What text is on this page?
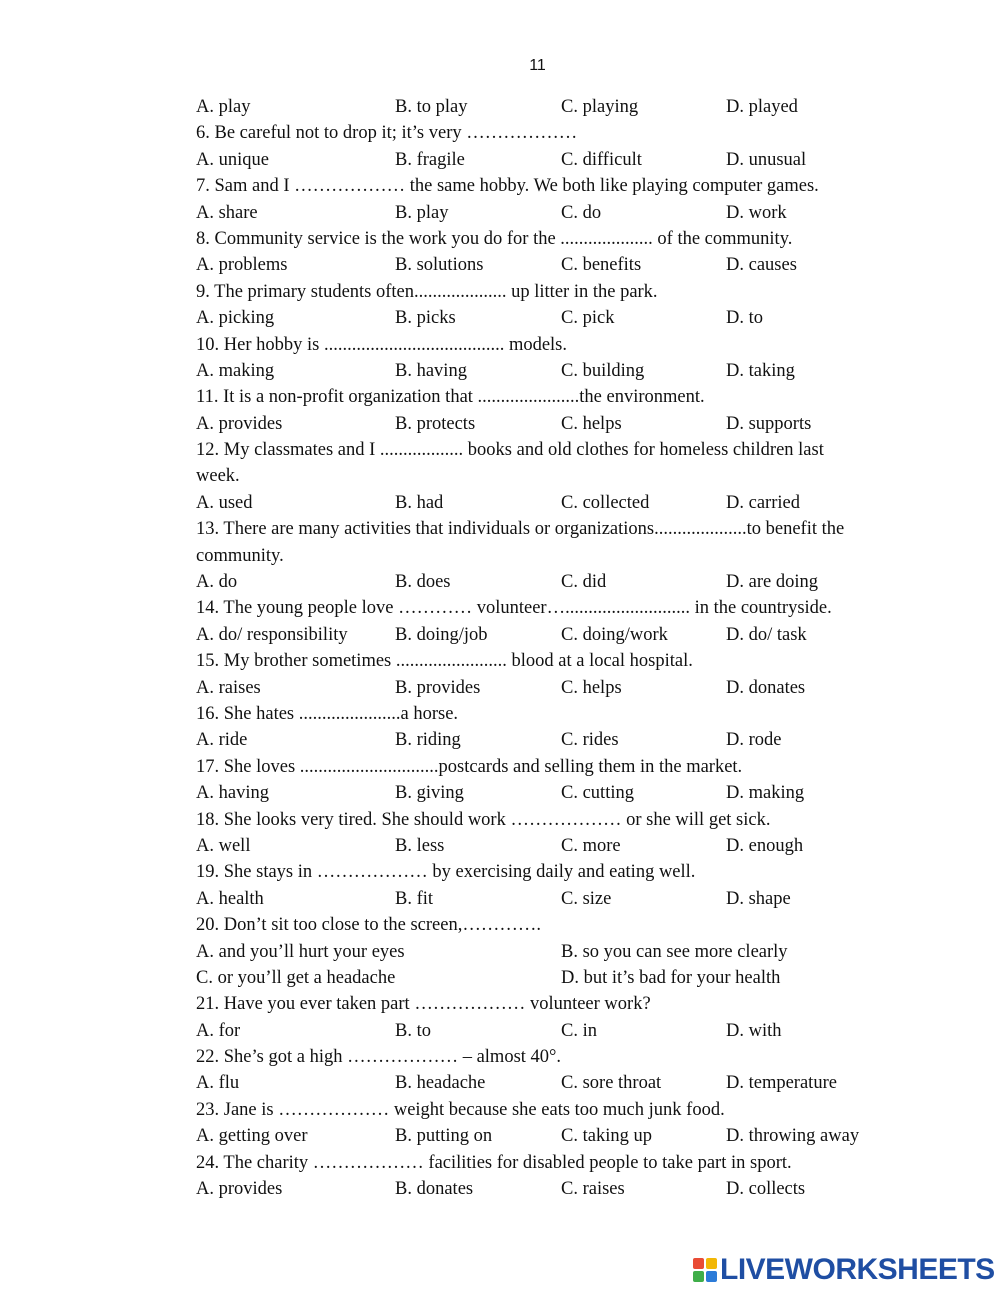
11
A. play	B. to play	C. playing	D. played
6. Be careful not to drop it; it’s very ………………
A. unique	B. fragile	C. difficult	D. unusual
7. Sam and I ……………… the same hobby. We both like playing computer games.
A. share	B. play	C. do	D. work
8. Community service is the work you do for the .................... of the community.
A. problems	B. solutions	C. benefits	D. causes
9. The primary students often.................... up litter in the park.
A. picking	B. picks	C. pick	D. to
10. Her hobby is ....................................... models.
A. making	B. having	C. building	D. taking
11. It is a non-profit organization that ......................the environment.
A. provides	B. protects	C. helps	D. supports
12. My classmates and I .................. books and old clothes for homeless children last
week.
A. used	B. had	C. collected	D. carried
13. There are many activities that individuals or organizations....................to benefit the
community.
A. do	B. does	C. did	D. are doing
14. The young people love ………… volunteer…........................... in the countryside.
A. do/ responsibility	B. doing/job	C. doing/work	D. do/ task
15. My brother sometimes ........................ blood at a local hospital.
A. raises	B. provides	C. helps	D. donates
16. She hates ......................a horse.
A. ride	B. riding	C. rides	D. rode
17. She loves ..............................postcards and selling them in the market.
A. having	B. giving	C. cutting	D. making
18. She looks very tired. She should work ……………… or she will get sick.
A. well	B. less	C. more	D. enough
19. She stays in ……………… by exercising daily and eating well.
A. health	B. fit	C. size	D. shape
20. Don’t sit too close to the screen,………….
A. and you’ll hurt your eyes	B. so you can see more clearly
C. or you’ll get a headache	D. but it’s bad for your health
21. Have you ever taken part ……………… volunteer work?
A. for	B. to	C. in	D. with
22. She’s got a high ……………… – almost 40°.
A. flu	B. headache	C. sore throat	D. temperature
23. Jane is ……………… weight because she eats too much junk food.
A. getting over	B. putting on	C. taking up	D. throwing away
24. The charity ……………… facilities for disabled people to take part in sport.
A. provides	B. donates	C. raises	D. collects
LIVEWORKSHEETS
